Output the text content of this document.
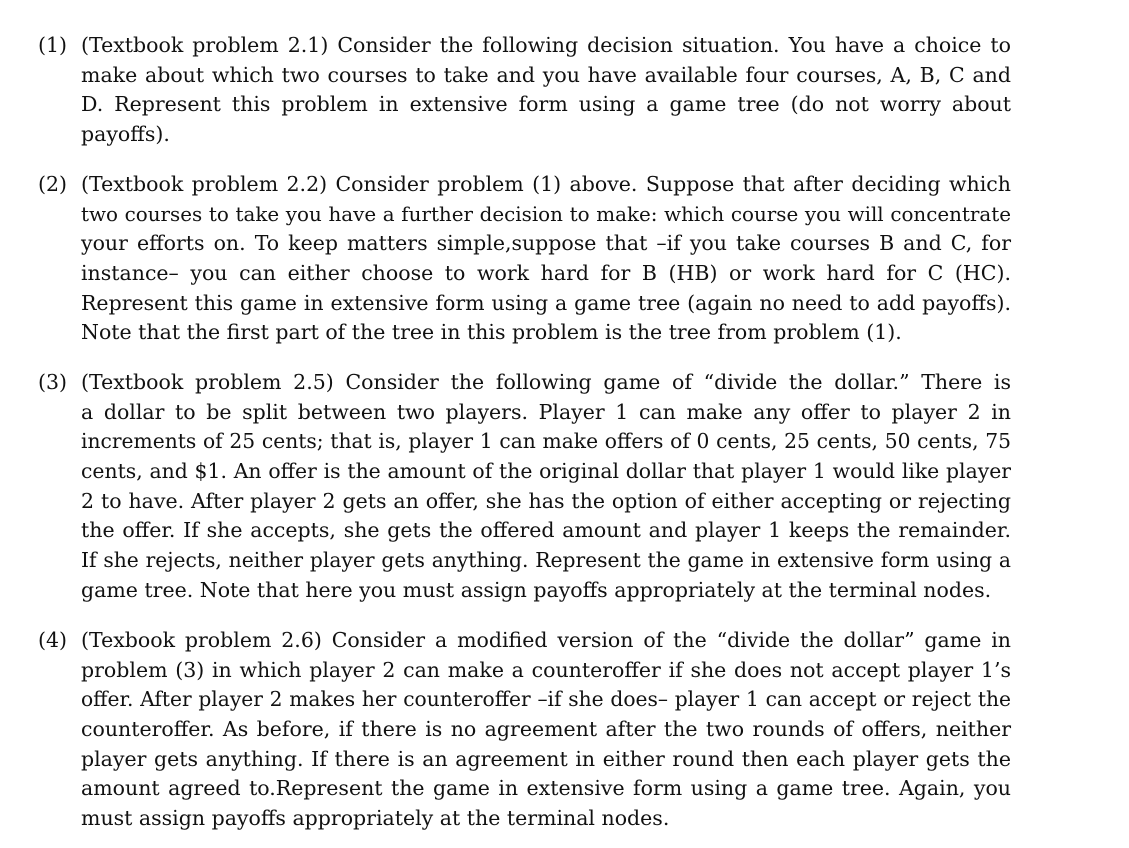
(1) (Textbook problem 2.1) Consider the following decision situation. You have a choice to
make about which two courses to take and you have available four courses, A, B, C and
D. Represent this problem in extensive form using a game tree (do not worry about
payoffs).
(2) (Textbook problem 2.2) Consider problem (1) above. Suppose that after deciding which
two courses to take you have a further decision to make: which course you will concentrate
your efforts on. To keep matters simple,suppose that –if you take courses B and C, for
instance– you can either choose to work hard for B (HB) or work hard for C (HC).
Represent this game in extensive form using a game tree (again no need to add payoffs).
Note that the first part of the tree in this problem is the tree from problem (1).
(3) (Textbook problem 2.5) Consider the following game of “divide the dollar.” There is
a dollar to be split between two players. Player 1 can make any offer to player 2 in
increments of 25 cents; that is, player 1 can make offers of 0 cents, 25 cents, 50 cents, 75
cents, and $1. An offer is the amount of the original dollar that player 1 would like player
2 to have. After player 2 gets an offer, she has the option of either accepting or rejecting
the offer. If she accepts, she gets the offered amount and player 1 keeps the remainder.
If she rejects, neither player gets anything. Represent the game in extensive form using a
game tree. Note that here you must assign payoffs appropriately at the terminal nodes.
(4) (Texbook problem 2.6) Consider a modified version of the “divide the dollar” game in
problem (3) in which player 2 can make a counteroffer if she does not accept player 1’s
offer. After player 2 makes her counteroffer –if she does– player 1 can accept or reject the
counteroffer. As before, if there is no agreement after the two rounds of offers, neither
player gets anything. If there is an agreement in either round then each player gets the
amount agreed to.Represent the game in extensive form using a game tree. Again, you
must assign payoffs appropriately at the terminal nodes.
